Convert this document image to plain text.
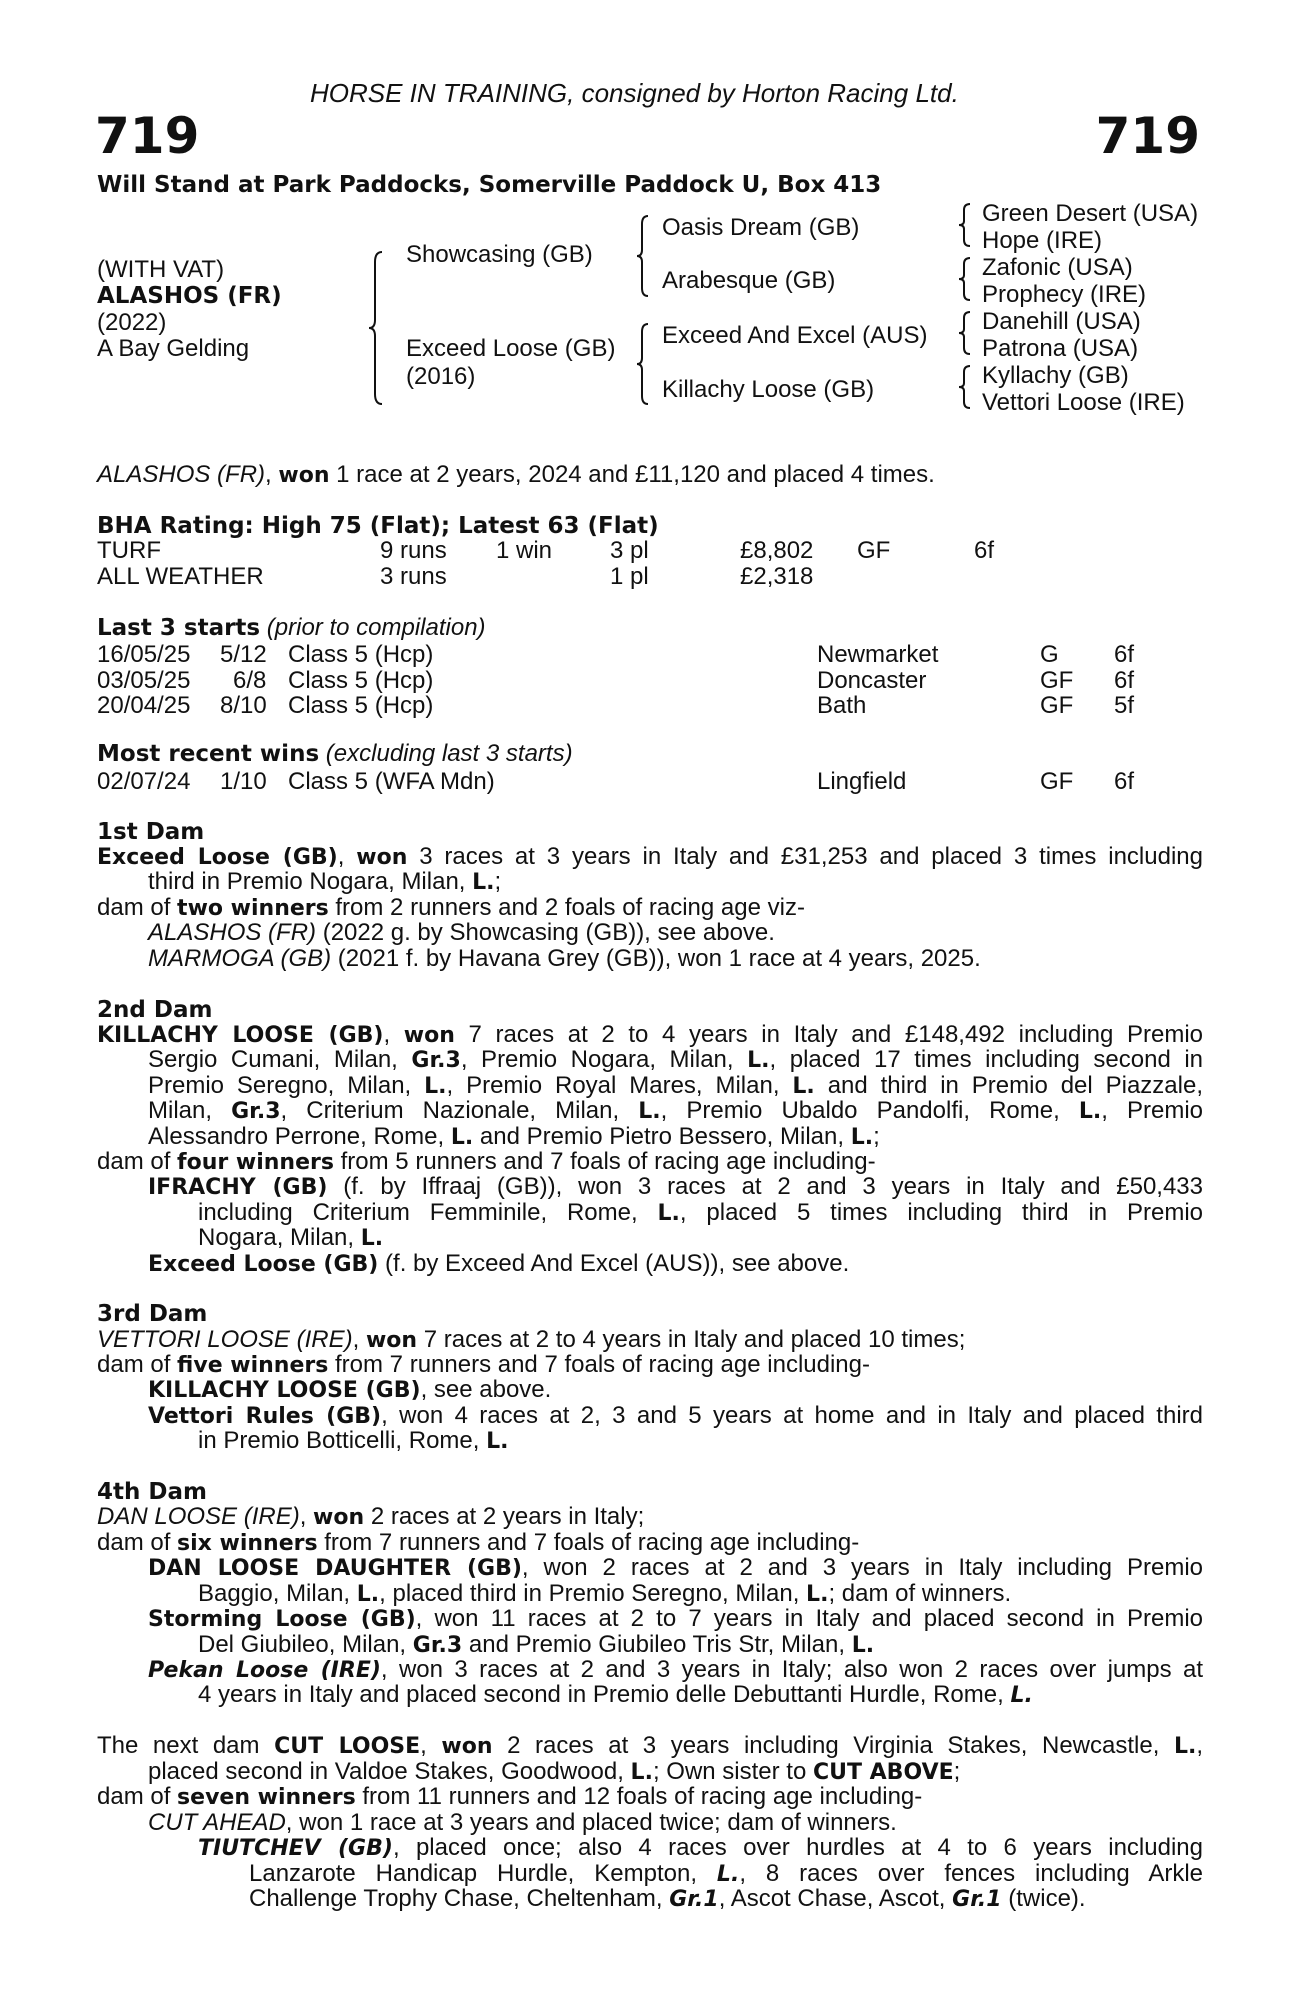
HORSE IN TRAINING, consigned by Horton Racing Ltd.
719	719
Will Stand at Park Paddocks, Somerville Paddock U, Box 413
(WITH VAT)
ALASHOS (FR)
(2022)
A Bay Gelding
Showcasing (GB)
Exceed Loose (GB)
(2016)
Oasis Dream (GB)
Arabesque (GB)
Exceed And Excel (AUS)
Killachy Loose (GB)
Green Desert (USA)
Hope (IRE)
Zafonic (USA)
Prophecy (IRE)
Danehill (USA)
Patrona (USA)
Kyllachy (GB)
Vettori Loose (IRE)
ALASHOS (FR), won 1 race at 2 years, 2024 and £11,120 and placed 4 times.
BHA Rating: High 75 (Flat); Latest 63 (Flat)
TURF	9 runs 1 win 3 pl	£8,802 GF	6f
ALL WEATHER	3 runs	1 pl	£2,318
Last 3 starts (prior to compilation)
16/05/25 5/12 Class 5 (Hcp)	Newmarket	G 6f
03/05/25 6/8 Class 5 (Hcp)	Doncaster	GF 6f
20/04/25 8/10 Class 5 (Hcp)	Bath	GF 5f
Most recent wins (excluding last 3 starts)
02/07/24 1/10 Class 5 (WFA Mdn)	Lingfield	GF 6f
1st Dam
Exceed Loose (GB), won 3 races at 3 years in Italy and £31,253 and placed 3 times including
third in Premio Nogara, Milan, L.;
dam of two winners from 2 runners and 2 foals of racing age viz-
ALASHOS (FR) (2022 g. by Showcasing (GB)), see above.
MARMOGA (GB) (2021 f. by Havana Grey (GB)), won 1 race at 4 years, 2025.
2nd Dam
KILLACHY LOOSE (GB), won 7 races at 2 to 4 years in Italy and £148,492 including Premio
Sergio Cumani, Milan, Gr.3, Premio Nogara, Milan, L., placed 17 times including second in
Premio Seregno, Milan, L., Premio Royal Mares, Milan, L. and third in Premio del Piazzale,
Milan, Gr.3, Criterium Nazionale, Milan, L., Premio Ubaldo Pandolfi, Rome, L., Premio
Alessandro Perrone, Rome, L. and Premio Pietro Bessero, Milan, L.;
dam of four winners from 5 runners and 7 foals of racing age including-
IFRACHY (GB) (f. by Iffraaj (GB)), won 3 races at 2 and 3 years in Italy and £50,433
including Criterium Femminile, Rome, L., placed 5 times including third in Premio
Nogara, Milan, L.
Exceed Loose (GB) (f. by Exceed And Excel (AUS)), see above.
3rd Dam
VETTORI LOOSE (IRE), won 7 races at 2 to 4 years in Italy and placed 10 times;
dam of five winners from 7 runners and 7 foals of racing age including-
KILLACHY LOOSE (GB), see above.
Vettori Rules (GB), won 4 races at 2, 3 and 5 years at home and in Italy and placed third
in Premio Botticelli, Rome, L.
4th Dam
DAN LOOSE (IRE), won 2 races at 2 years in Italy;
dam of six winners from 7 runners and 7 foals of racing age including-
DAN LOOSE DAUGHTER (GB), won 2 races at 2 and 3 years in Italy including Premio
Baggio, Milan, L., placed third in Premio Seregno, Milan, L.; dam of winners.
Storming Loose (GB), won 11 races at 2 to 7 years in Italy and placed second in Premio
Del Giubileo, Milan, Gr.3 and Premio Giubileo Tris Str, Milan, L.
Pekan Loose (IRE), won 3 races at 2 and 3 years in Italy; also won 2 races over jumps at
4 years in Italy and placed second in Premio delle Debuttanti Hurdle, Rome, L.
The next dam CUT LOOSE, won 2 races at 3 years including Virginia Stakes, Newcastle, L.,
placed second in Valdoe Stakes, Goodwood, L.; Own sister to CUT ABOVE;
dam of seven winners from 11 runners and 12 foals of racing age including-
CUT AHEAD, won 1 race at 3 years and placed twice; dam of winners.
TIUTCHEV (GB), placed once; also 4 races over hurdles at 4 to 6 years including
Lanzarote Handicap Hurdle, Kempton, L., 8 races over fences including Arkle
Challenge Trophy Chase, Cheltenham, Gr.1, Ascot Chase, Ascot, Gr.1 (twice).
